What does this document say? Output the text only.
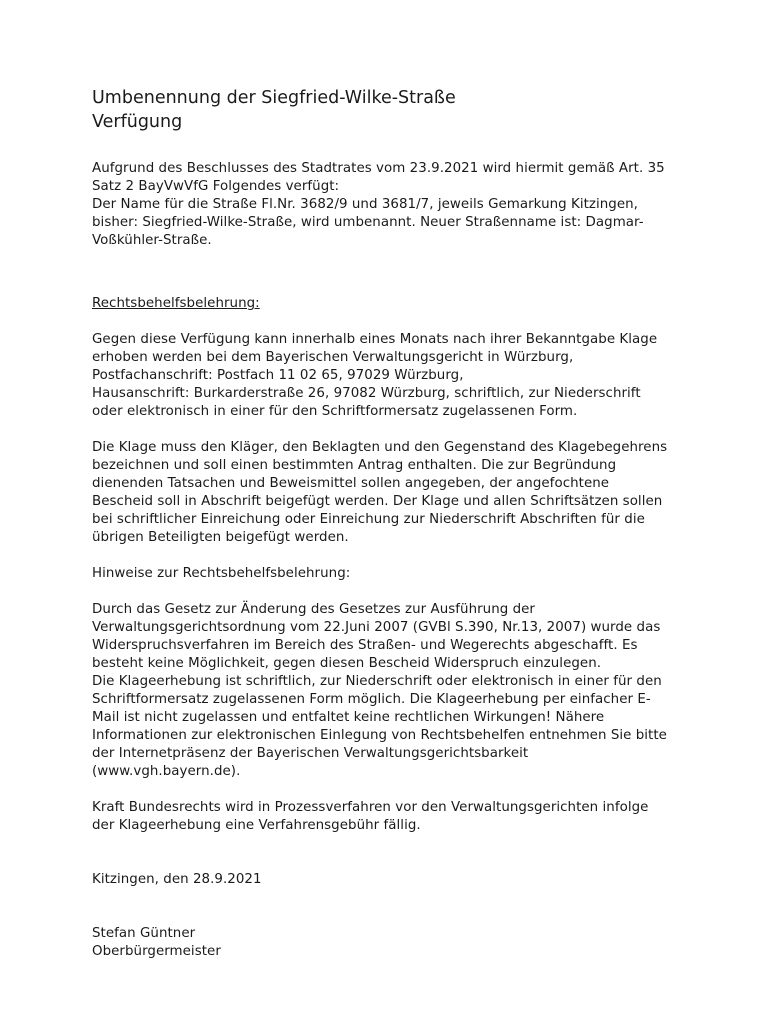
Umbenennung der Siegfried-Wilke-Straße
Verfügung
Aufgrund des Beschlusses des Stadtrates vom 23.9.2021 wird hiermit gemäß Art. 35
Satz 2 BayVwVfG Folgendes verfügt:
Der Name für die Straße Fl.Nr. 3682/9 und 3681/7, jeweils Gemarkung Kitzingen,
bisher: Siegfried-Wilke-Straße, wird umbenannt. Neuer Straßenname ist: Dagmar-
Voßkühler-Straße.
Rechtsbehelfsbelehrung:
Gegen diese Verfügung kann innerhalb eines Monats nach ihrer Bekanntgabe Klage
erhoben werden bei dem Bayerischen Verwaltungsgericht in Würzburg,
Postfachanschrift: Postfach 11 02 65, 97029 Würzburg,
Hausanschrift: Burkarderstraße 26, 97082 Würzburg, schriftlich, zur Niederschrift
oder elektronisch in einer für den Schriftformersatz zugelassenen Form.
Die Klage muss den Kläger, den Beklagten und den Gegenstand des Klagebegehrens
bezeichnen und soll einen bestimmten Antrag enthalten. Die zur Begründung
dienenden Tatsachen und Beweismittel sollen angegeben, der angefochtene
Bescheid soll in Abschrift beigefügt werden. Der Klage und allen Schriftsätzen sollen
bei schriftlicher Einreichung oder Einreichung zur Niederschrift Abschriften für die
übrigen Beteiligten beigefügt werden.
Hinweise zur Rechtsbehelfsbelehrung:
Durch das Gesetz zur Änderung des Gesetzes zur Ausführung der
Verwaltungsgerichtsordnung vom 22.Juni 2007 (GVBl S.390, Nr.13, 2007) wurde das
Widerspruchsverfahren im Bereich des Straßen- und Wegerechts abgeschafft. Es
besteht keine Möglichkeit, gegen diesen Bescheid Widerspruch einzulegen.
Die Klageerhebung ist schriftlich, zur Niederschrift oder elektronisch in einer für den
Schriftformersatz zugelassenen Form möglich. Die Klageerhebung per einfacher E-
Mail ist nicht zugelassen und entfaltet keine rechtlichen Wirkungen! Nähere
Informationen zur elektronischen Einlegung von Rechtsbehelfen entnehmen Sie bitte
der Internetpräsenz der Bayerischen Verwaltungsgerichtsbarkeit
(www.vgh.bayern.de).
Kraft Bundesrechts wird in Prozessverfahren vor den Verwaltungsgerichten infolge
der Klageerhebung eine Verfahrensgebühr fällig.
Kitzingen, den 28.9.2021
Stefan Güntner
Oberbürgermeister
